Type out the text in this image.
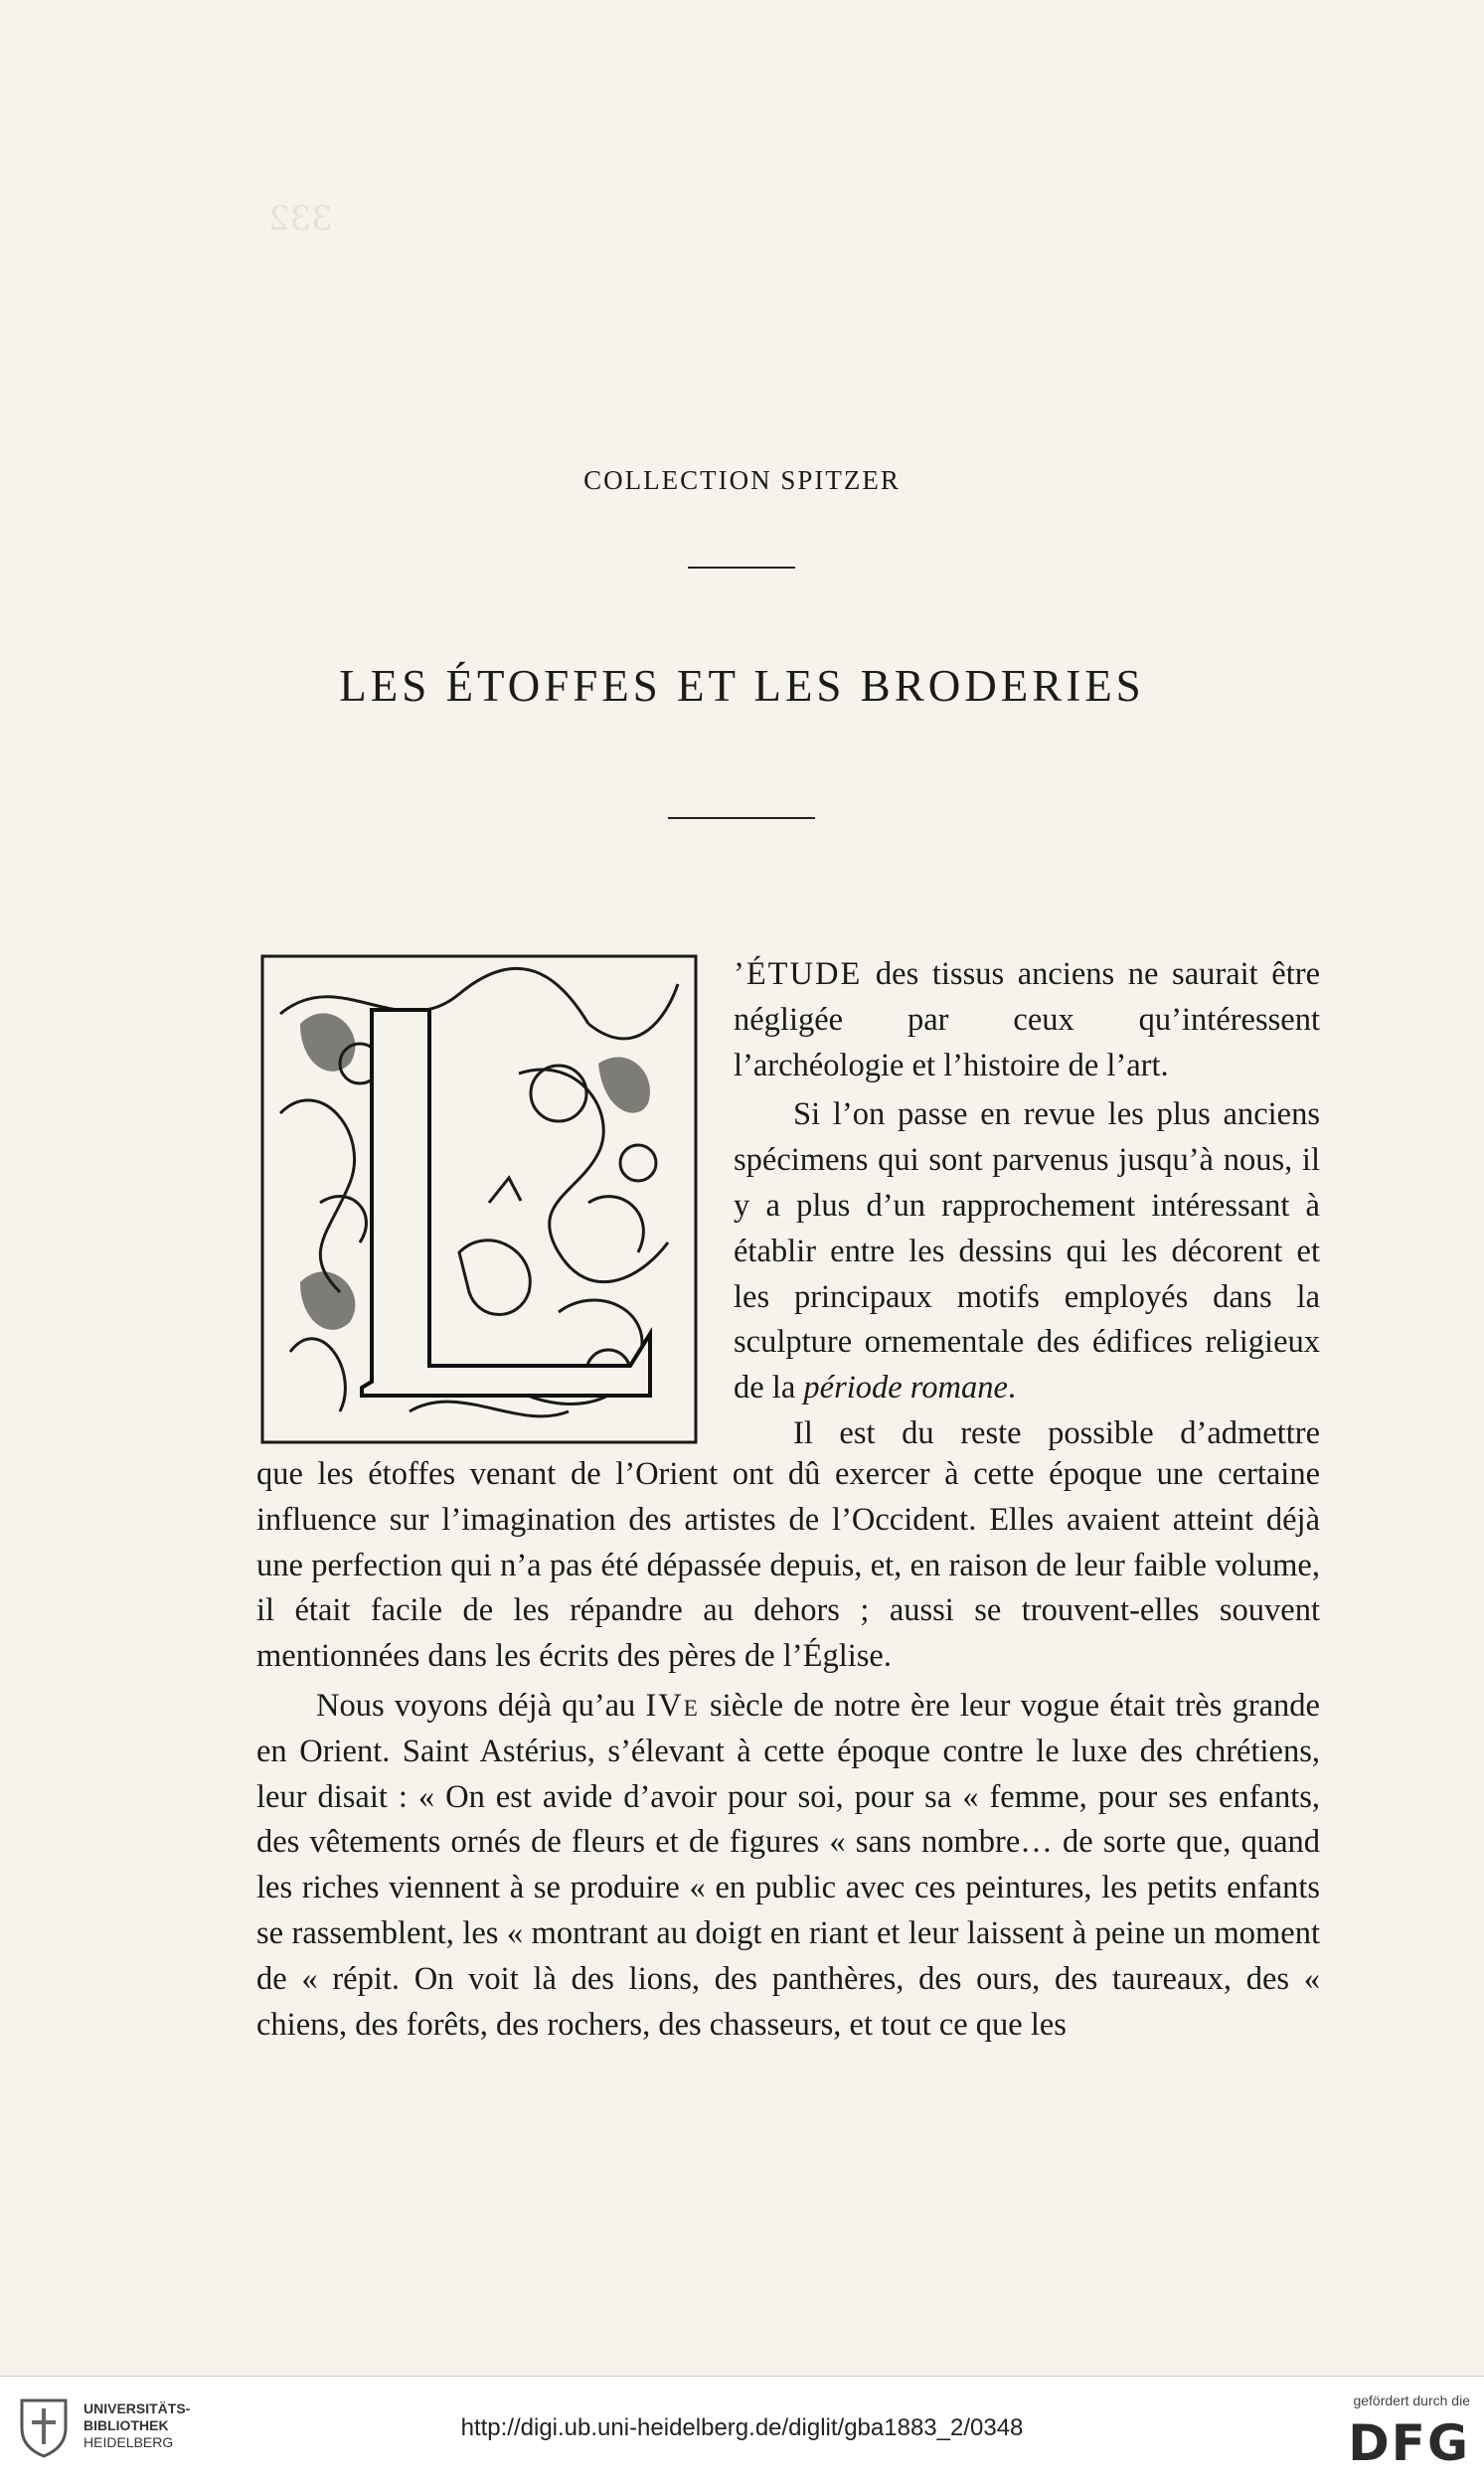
332
COLLECTION SPITZER
LES ÉTOFFES ET LES BRODERIES

’ÉTUDE des tissus anciens ne saurait être négligée par ceux qu’intéressent l’archéologie et l’histoire de l’art.

Si l’on passe en revue les plus anciens spécimens qui sont parvenus jusqu’à nous, il y a plus d’un rapprochement intéressant à établir entre les dessins qui les décorent et les principaux motifs employés dans la sculpture ornementale des édifices religieux de la période romane.

Il est du reste possible d’admettre

que les étoffes venant de l’Orient ont dû exercer à cette époque une certaine influence sur l’imagination des artistes de l’Occident. Elles avaient atteint déjà une perfection qui n’a pas été dépassée depuis, et, en raison de leur faible volume, il était facile de les répandre au dehors ; aussi se trouvent-elles souvent mentionnées dans les écrits des pères de l’Église.

Nous voyons déjà qu’au IVe siècle de notre ère leur vogue était très grande en Orient. Saint Astérius, s’élevant à cette époque contre le luxe des chrétiens, leur disait : « On est avide d’avoir pour soi, pour sa « femme, pour ses enfants, des vêtements ornés de fleurs et de figures « sans nombre… de sorte que, quand les riches viennent à se produire « en public avec ces peintures, les petits enfants se rassemblent, les « montrant au doigt en riant et leur laissent à peine un moment de « répit. On voit là des lions, des panthères, des ours, des taureaux, des « chiens, des forêts, des rochers, des chasseurs, et tout ce que les

UNIVERSITÄTS-
BIBLIOTHEK
HEIDELBERG
http://digi.ub.uni-heidelberg.de/diglit/gba1883_2/0348
gefördert durch die
DFG
